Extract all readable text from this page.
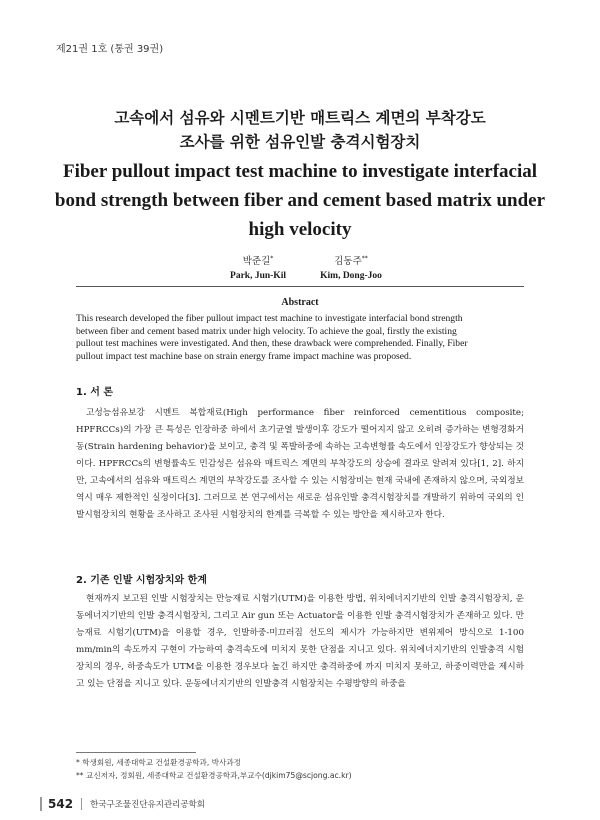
제21권 1호 (통권 39권)
고속에서 섬유와 시멘트기반 매트릭스 계면의 부착강도
조사를 위한 섬유인발 충격시험장치
Fiber pullout impact test machine to investigate interfacial
bond strength between fiber and cement based matrix under
high velocity
박준길*
Park, Jun-Kil
김동주**
Kim, Dong-Joo
Abstract
This research developed the fiber pullout impact test machine to investigate interfacial bond strength
between fiber and cement based matrix under high velocity. To achieve the goal, firstly the existing
pullout test machines were investigated. And then, these drawback were comprehended. Finally, Fiber
pullout impact test machine base on strain energy frame impact machine was proposed.
1. 서 론
고성능섬유보강 시멘트 복합재료(High performance fiber reinforced cementitious composite; HPFRCCs)의 가장 큰 특성은 인장하중 하에서 초기균열 발생이후 강도가 떨어지지 않고 오히려 증가하는 변형경화거동(Strain hardening behavior)을 보이고, 충격 및 폭발하중에 속하는 고속변형률 속도에서 인장강도가 향상되는 것이다. HPFRCCs의 변형률속도 민감성은 섬유와 매트릭스 계면의 부착강도의 상승에 결과로 알려져 있다[1, 2]. 하지만, 고속에서의 섬유와 매트릭스 계면의 부착강도를 조사할 수 있는 시험장비는 현재 국내에 존재하지 않으며, 국외정보역시 매우 제한적인 실정이다[3]. 그러므로 본 연구에서는 새로운 섬유인발 충격시험장치를 개발하기 위하여 국외의 인발시험장치의 현황을 조사하고 조사된 시험장치의 한계를 극복할 수 있는 방안을 제시하고자 한다.
2. 기존 인발 시험장치와 한계
현재까지 보고된 인발 시험장치는 만능재료 시험기(UTM)을 이용한 방법, 위치에너지기반의 인발 충격시험장치, 운동에너지기반의 인발 충격시험장치, 그리고 Air gun 또는 Actuator을 이용한 인발 충격시험장치가 존재하고 있다. 만능재료 시험기(UTM)을 이용할 경우, 인발하중-미끄러짐 선도의 제시가 가능하지만 변위제어 방식으로 1-100 mm/min의 속도까지 구현이 가능하여 충격속도에 미치지 못한 단점을 지니고 있다. 위치에너지기반의 인발충격 시험장치의 경우, 하중속도가 UTM을 이용한 경우보다 높긴 하지만 충격하중에 까지 미치지 못하고, 하중이력만을 제시하고 있는 단점을 지니고 있다. 운동에너지기반의 인발충격 시험장치는 수평방향의 하중을
* 학생회원, 세종대학교 건설환경공학과, 박사과정
** 교신저자, 정회원, 세종대학교 건설환경공학과,부교수(djkim75@scjong.ac.kr)
542 한국구조물진단유지관리공학회
